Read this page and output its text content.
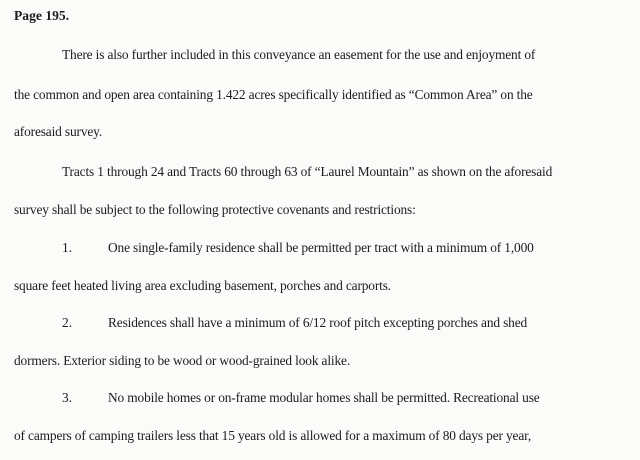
Page 195.
There is also further included in this conveyance an easement for the use and enjoyment of
the common and open area containing 1.422 acres specifically identified as “Common Area” on the
aforesaid survey.
Tracts 1 through 24 and Tracts 60 through 63 of “Laurel Mountain” as shown on the aforesaid
survey shall be subject to the following protective covenants and restrictions:
1.	One single-family residence shall be permitted per tract with a minimum of 1,000
square feet heated living area excluding basement, porches and carports.
2.	Residences shall have a minimum of 6/12 roof pitch excepting porches and shed
dormers. Exterior siding to be wood or wood-grained look alike.
3.	No mobile homes or on-frame modular homes shall be permitted. Recreational use
of campers of camping trailers less that 15 years old is allowed for a maximum of 80 days per year,
